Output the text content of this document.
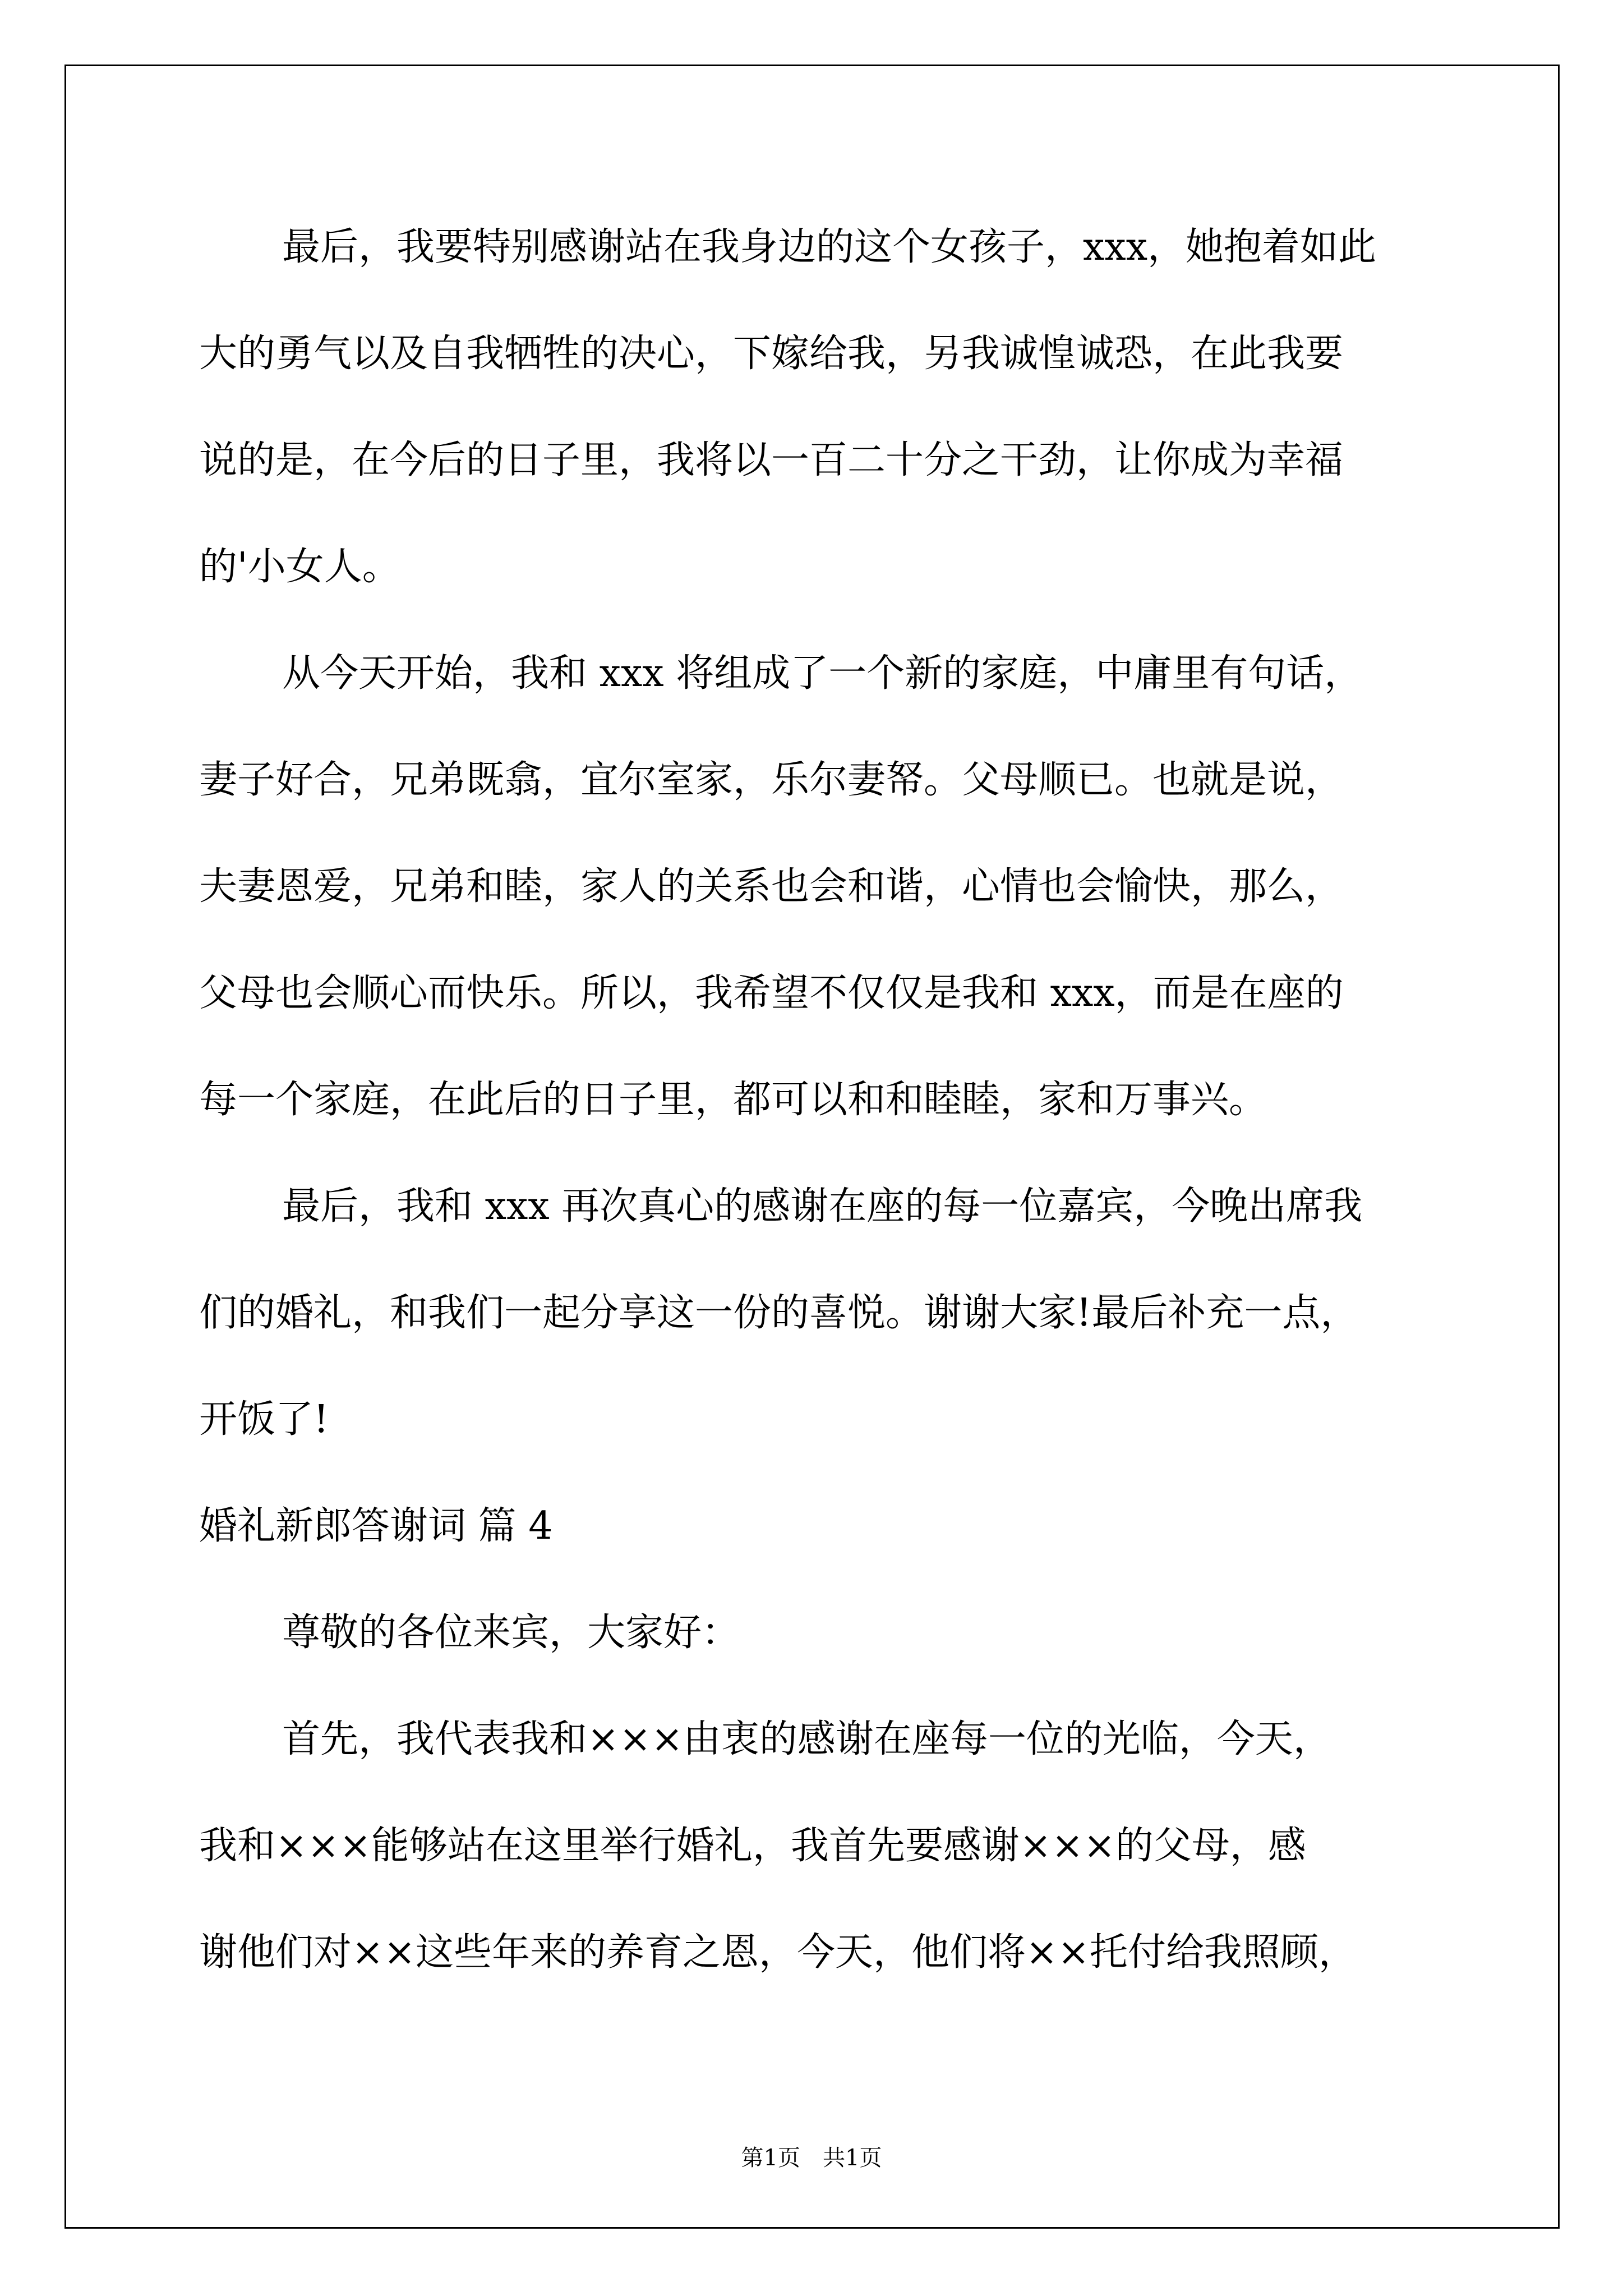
最后，我要特别感谢站在我身边的这个女孩子，xxx，她抱着如此
大的勇气以及自我牺牲的决心，下嫁给我，另我诚惶诚恐，在此我要
说的是，在今后的日子里，我将以一百二十分之干劲，让你成为幸福
的'小女人。
从今天开始，我和 xxx 将组成了一个新的家庭，中庸里有句话，
妻子好合，兄弟既翕，宜尔室家，乐尔妻帑。父母顺已。也就是说，
夫妻恩爱，兄弟和睦，家人的关系也会和谐，心情也会愉快，那么，
父母也会顺心而快乐。所以，我希望不仅仅是我和 xxx，而是在座的
每一个家庭，在此后的日子里，都可以和和睦睦，家和万事兴。
最后，我和 xxx 再次真心的感谢在座的每一位嘉宾，今晚出席我
们的婚礼，和我们一起分享这一份的喜悦。谢谢大家!最后补充一点，
开饭了!
婚礼新郎答谢词 篇 4
尊敬的各位来宾，大家好：
首先，我代表我和×××由衷的感谢在座每一位的光临，今天，
我和×××能够站在这里举行婚礼，我首先要感谢×××的父母，感
谢他们对××这些年来的养育之恩，今天，他们将××托付给我照顾，
第1页　共1页
